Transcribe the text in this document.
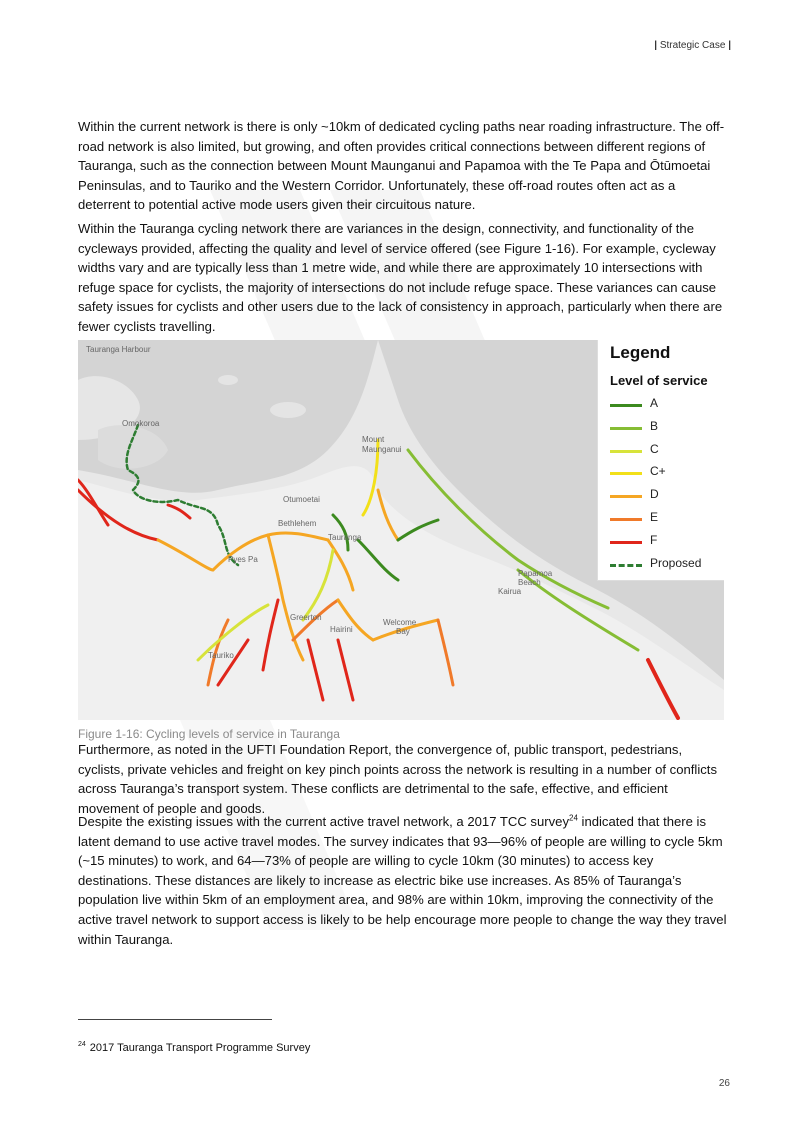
| Strategic Case |

Within the current network is there is only ~10km of dedicated cycling paths near roading infrastructure. The off-road network is also limited, but growing, and often provides critical connections between different regions of Tauranga, such as the connection between Mount Maunganui and Papamoa with the Te Papa and Ōtūmoetai Peninsulas, and to Tauriko and the Western Corridor. Unfortunately, these off-road routes often act as a deterrent to potential active mode users given their circuitous nature.

Within the Tauranga cycling network there are variances in the design, connectivity, and functionality of the cycleways provided, affecting the quality and level of service offered (see Figure 1-16). For example, cycleway widths vary and are typically less than 1 metre wide, and while there are approximately 10 intersections with refuge space for cyclists, the majority of intersections do not include refuge space. These variances can cause safety issues for cyclists and other users due to the lack of consistency in approach, particularly when there are fewer cyclists travelling.

Tauranga Harbour
Omokoroa
Mount
Maunganui
Bethlehem
Otumoetai
Tauranga
Papamoa
Beach
Kairua
Welcome
Bay
Greerton
Tauriko
Hairini
Pyes Pa
Legend
Level of service
A
B
C
C+
D
E
F
Proposed
Figure 1-16: Cycling levels of service in Tauranga

Furthermore, as noted in the UFTI Foundation Report, the convergence of, public transport, pedestrians, cyclists, private vehicles and freight on key pinch points across the network is resulting in a number of conflicts across Tauranga’s transport system. These conflicts are detrimental to the safe, effective, and efficient movement of people and goods.

Despite the existing issues with the current active travel network, a 2017 TCC survey$^{24}$ indicated that there is latent demand to use active travel modes. The survey indicates that 93—96% of people are willing to cycle 5km (~15 minutes) to work, and 64—73% of people are willing to cycle 10km (30 minutes) to access key destinations. These distances are likely to increase as electric bike use increases. As 85% of Tauranga’s population live within 5km of an employment area, and 98% are within 10km, improving the connectivity of the active travel network to support access is likely to be help encourage more people to change the way they travel within Tauranga.

$^{24}$ 2017 Tauranga Transport Programme Survey
26
